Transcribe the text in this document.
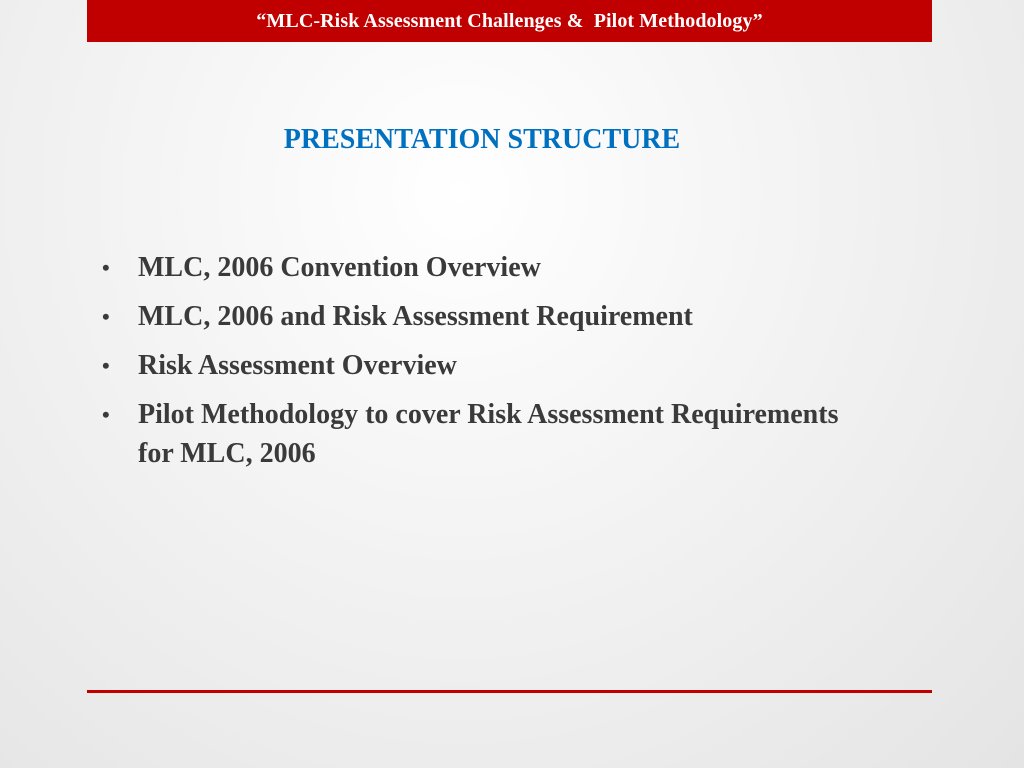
“MLC-Risk Assessment Challenges &  Pilot Methodology”
PRESENTATION STRUCTURE
•	MLC, 2006 Convention Overview
•	MLC, 2006 and Risk Assessment Requirement
•	Risk Assessment Overview
•	Pilot Methodology to cover Risk Assessment Requirements for MLC, 2006
